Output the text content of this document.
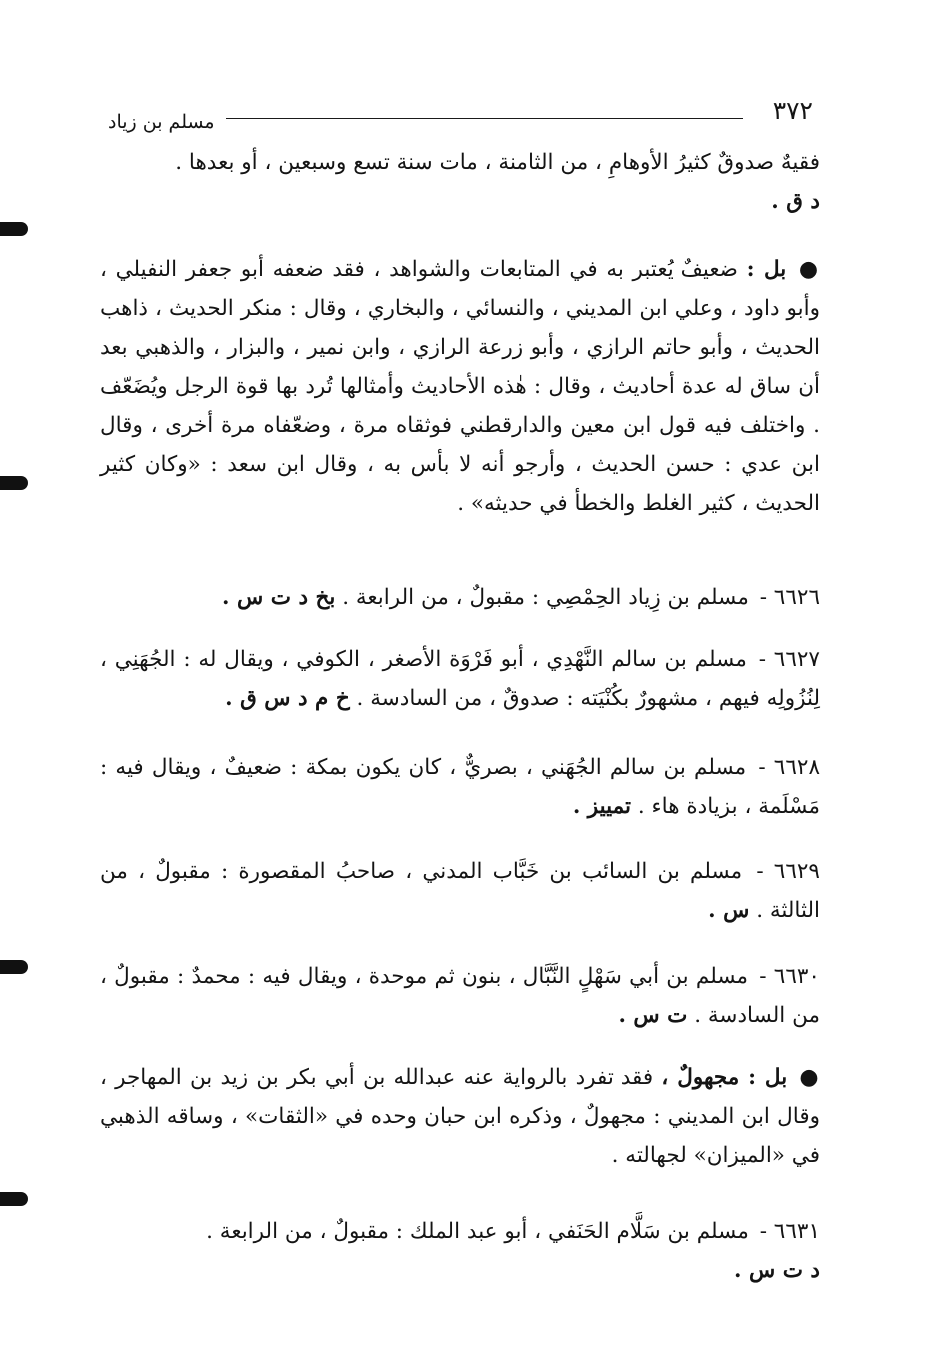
٣٧٢
مسلم بن زياد

فقيهٌ صدوقٌ كثيرُ الأوهامِ ، من الثامنة ، مات سنة تسع وسبعين ، أو بعدها .
د ق .

● بل : ضعيفٌ يُعتبر به في المتابعات والشواهد ، فقد ضعفه أبو جعفر النفيلي ، وأبو داود ، وعلي ابن المديني ، والنسائي ، والبخاري ، وقال : منكر الحديث ، ذاهب الحديث ، وأبو حاتم الرازي ، وأبو زرعة الرازي ، وابن نمير ، والبزار ، والذهبي بعد أن ساق له عدة أحاديث ، وقال : هٰذه الأحاديث وأمثالها تُرد بها قوة الرجل ويُضَعّف . واختلف فيه قول ابن معين والدارقطني فوثقاه مرة ، وضعّفاه مرة أخرى ، وقال ابن عدي : حسن الحديث ، وأرجو أنه لا بأس به ، وقال ابن سعد : «وكان كثير الحديث ، كثير الغلط والخطأ في حديثه» .

٦٦٢٦ - مسلم بن زِياد الحِمْصِي : مقبولٌ ، من الرابعة . بخ د ت س .

٦٦٢٧ - مسلم بن سالم النَّهْدِي ، أبو فَرْوَة الأصغر ، الكوفي ، ويقال له : الجُهَنِي ، لِنُزُولِه فيهم ، مشهورٌ بكُنْيَته : صدوقٌ ، من السادسة . خ م د س ق .

٦٦٢٨ - مسلم بن سالم الجُهَني ، بصريٌّ ، كان يكون بمكة : ضعيفٌ ، ويقال فيه : مَسْلَمة ، بزيادة هاء . تمييز .

٦٦٢٩ - مسلم بن السائب بن خَبَّاب المدني ، صاحبُ المقصورة : مقبولٌ ، من الثالثة . س .

٦٦٣٠ - مسلم بن أبي سَهْلٍ النَّبَّال ، بنون ثم موحدة ، ويقال فيه : محمدٌ : مقبولٌ ، من السادسة . ت س .

● بل : مجهولٌ ، فقد تفرد بالرواية عنه عبدالله بن أبي بكر بن زيد بن المهاجر ، وقال ابن المديني : مجهولٌ ، وذكره ابن حبان وحده في «الثقات» ، وساقه الذهبي في «الميزان» لجهالته .

٦٦٣١ - مسلم بن سَلَّام الحَنَفي ، أبو عبد الملك : مقبولٌ ، من الرابعة .
د ت س .
